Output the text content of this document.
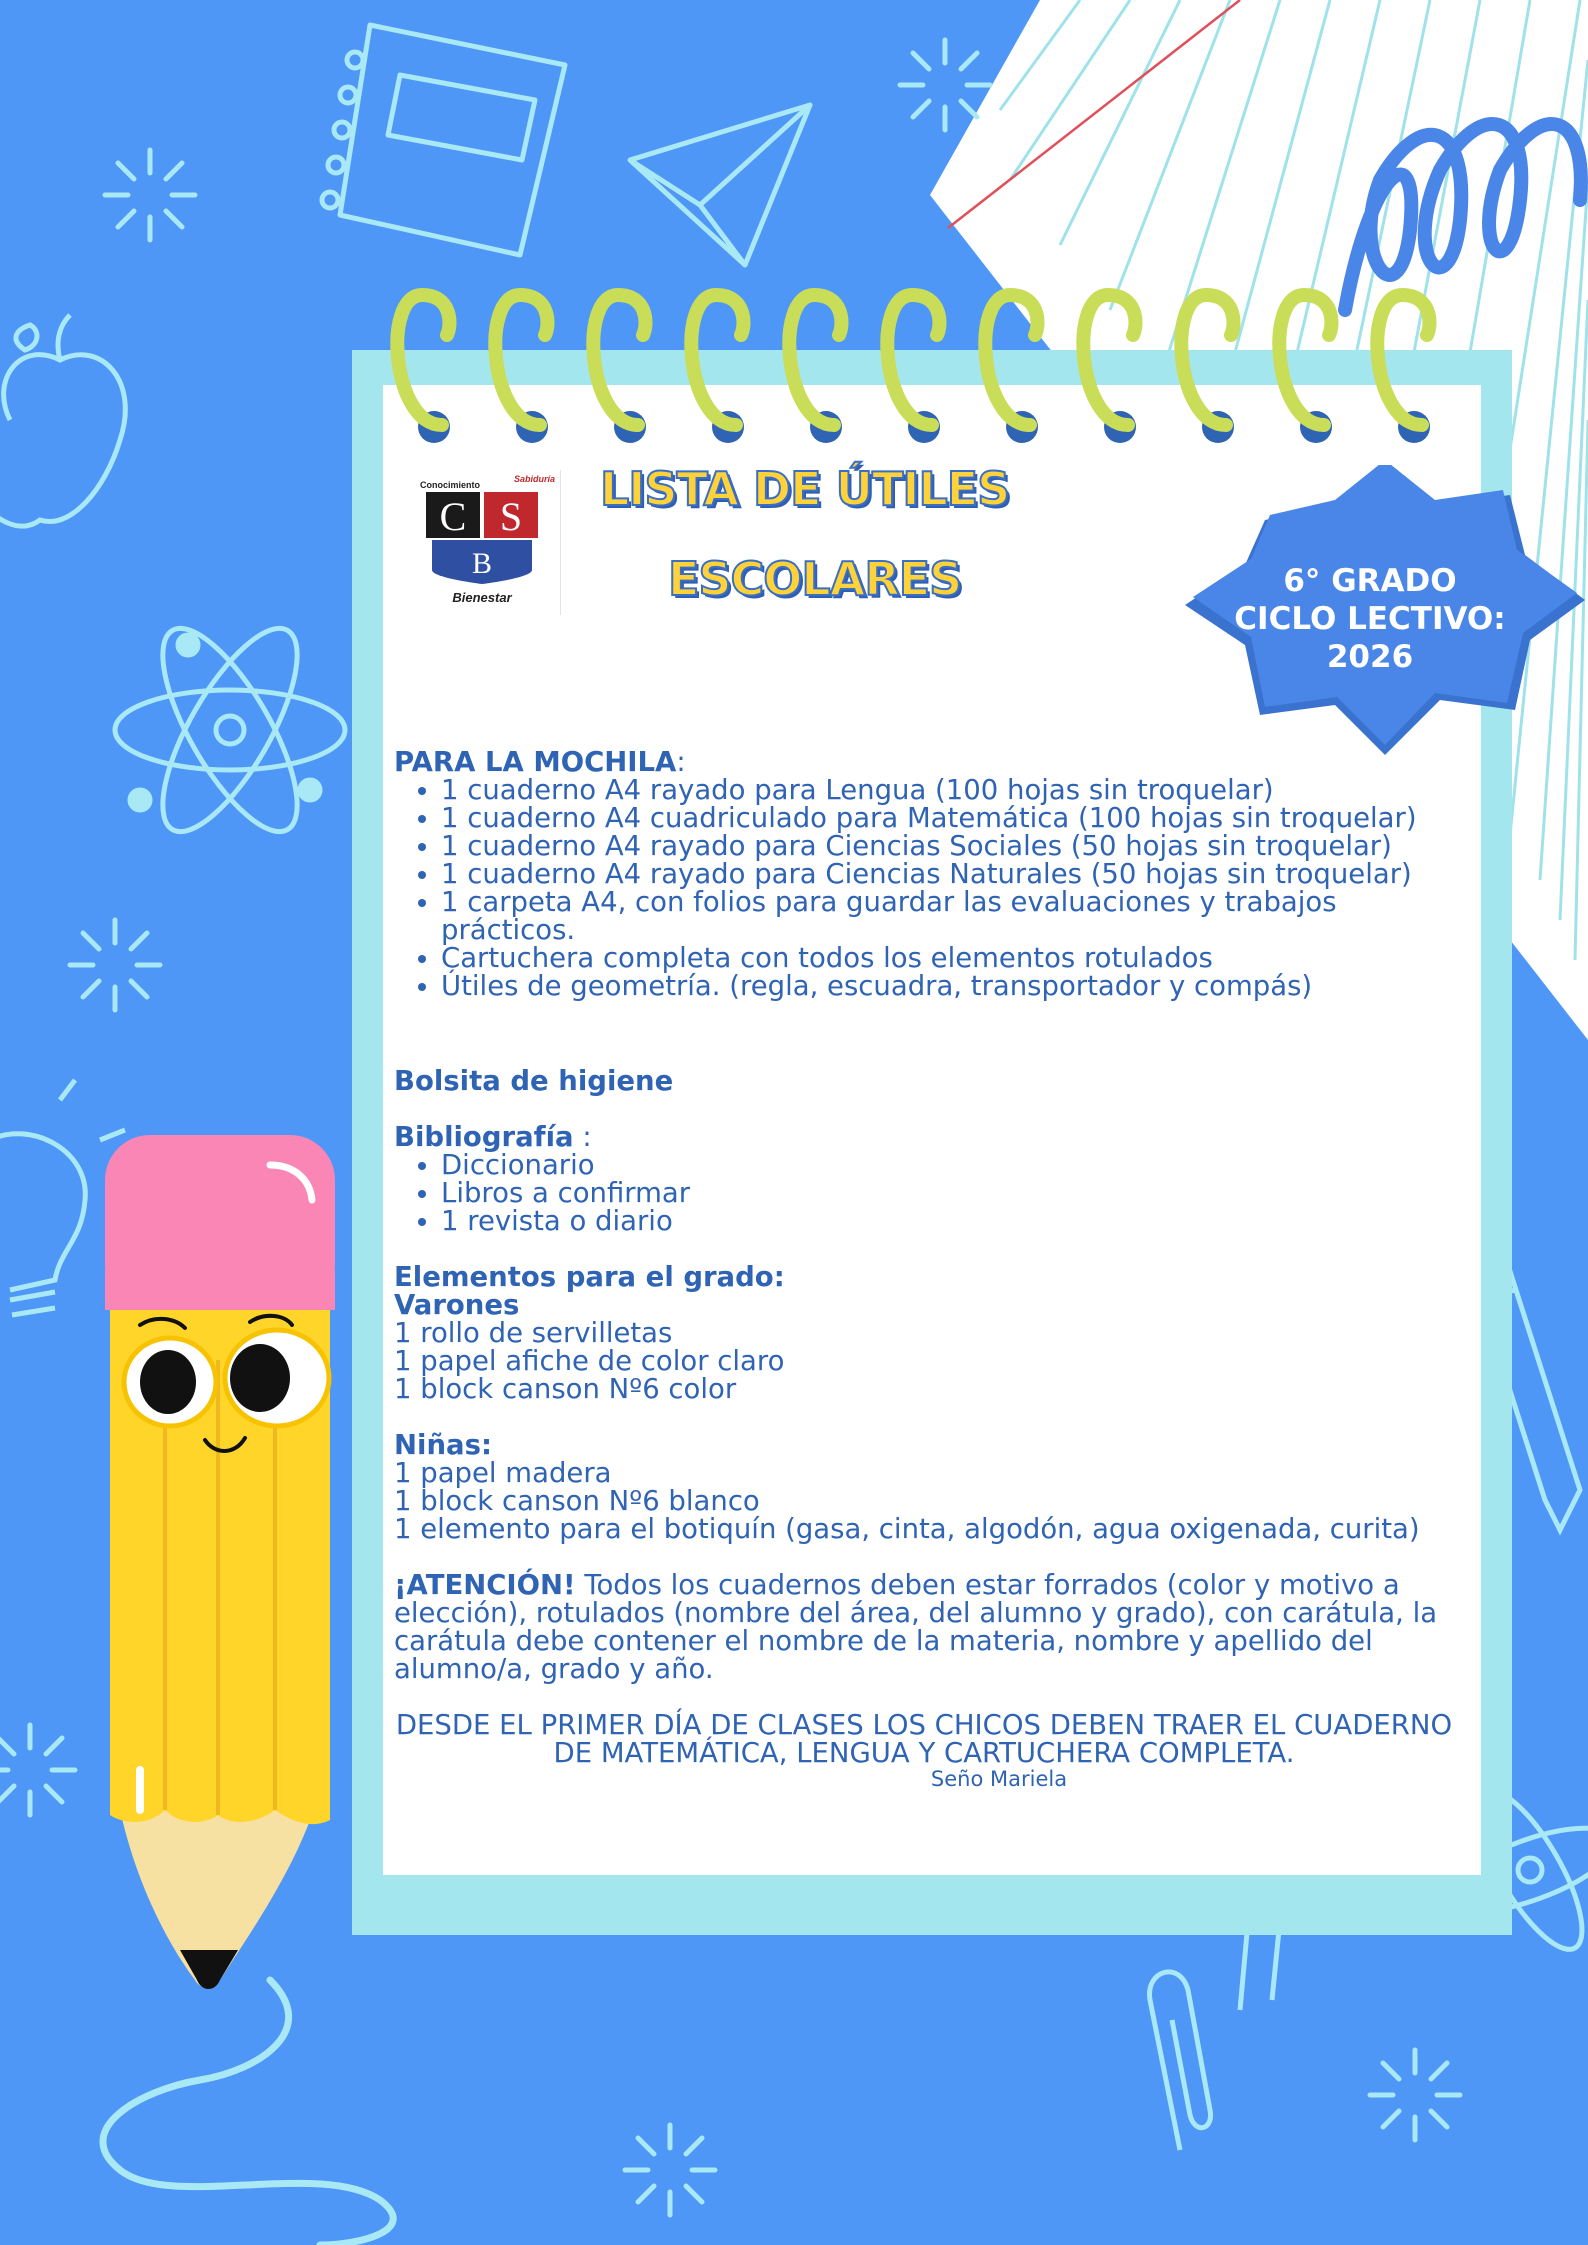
Conocimiento
Sabiduría
C S
B
Bienestar
LISTA DE ÚTILES
ESCOLARES	6° GRADO
CICLO LECTIVO:
2026

PARA LA MOCHILA:

• 1 cuaderno A4 rayado para Lengua (100 hojas sin troquelar)
• 1 cuaderno A4 cuadriculado para Matemática (100 hojas sin troquelar)
• 1 cuaderno A4 rayado para Ciencias Sociales (50 hojas sin troquelar)
• 1 cuaderno A4 rayado para Ciencias Naturales (50 hojas sin troquelar)
• 1 carpeta A4, con folios para guardar las evaluaciones y trabajos prácticos.
• Cartuchera completa con todos los elementos rotulados
• Útiles de geometría. (regla, escuadra, transportador y compás)

Bolsita de higiene

Bibliografía :

• Diccionario
• Libros a confirmar
• 1 revista o diario

Elementos para el grado:

Varones

1 rollo de servilletas

1 papel afiche de color claro

1 block canson Nº6 color

Niñas:

1 papel madera

1 block canson Nº6 blanco

1 elemento para el botiquín (gasa, cinta, algodón, agua oxigenada, curita)

¡ATENCIÓN! Todos los cuadernos deben estar forrados (color y motivo a elección), rotulados (nombre del área, del alumno y grado), con carátula, la carátula debe contener el nombre de la materia, nombre y apellido del alumno/a, grado y año.

DESDE EL PRIMER DÍA DE CLASES LOS CHICOS DEBEN TRAER EL CUADERNO DE MATEMÁTICA, LENGUA Y CARTUCHERA COMPLETA.

Seño Mariela
